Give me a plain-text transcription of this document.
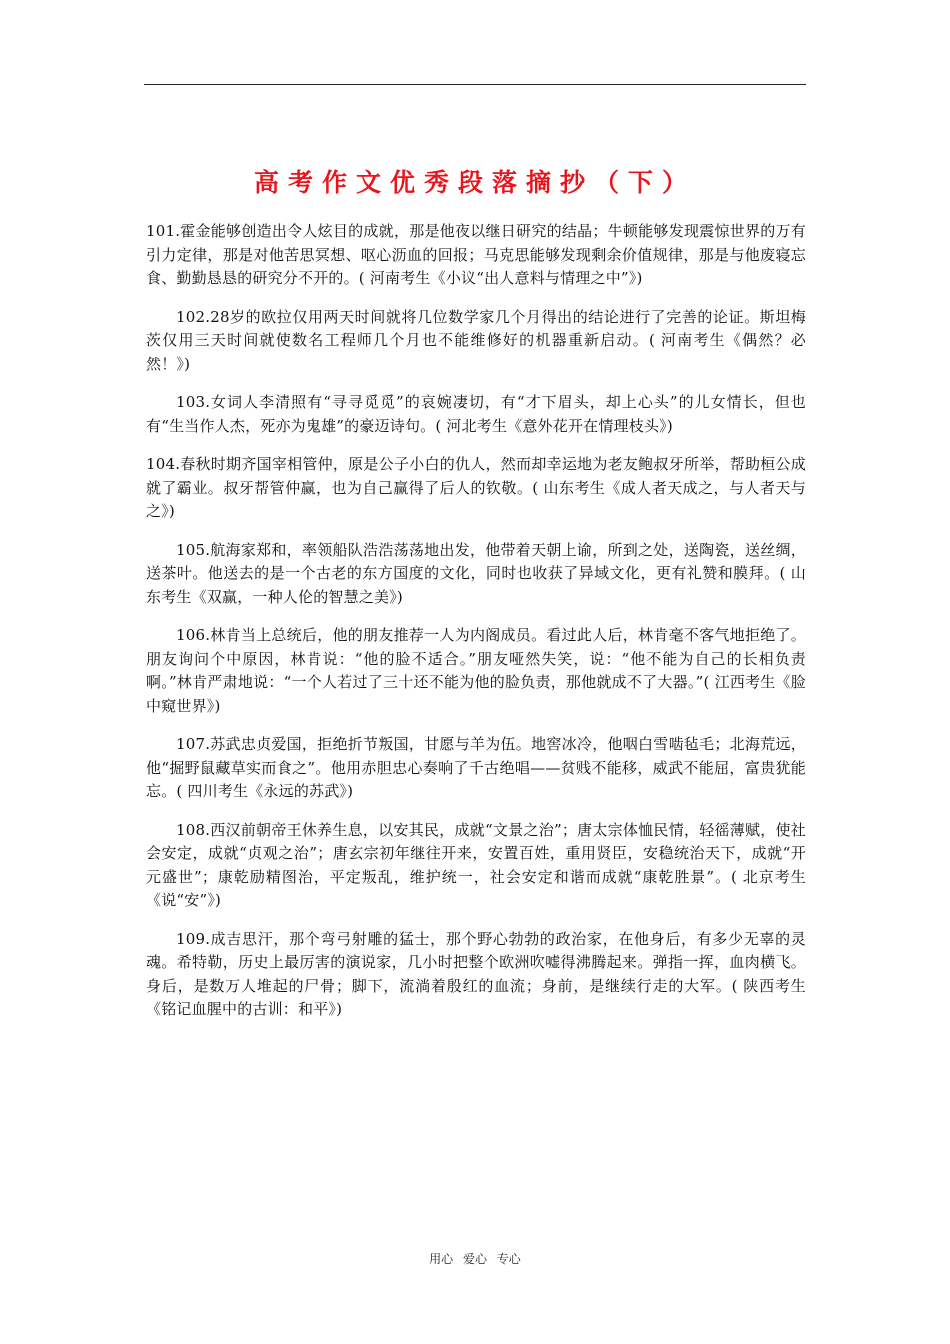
高考作文优秀段落摘抄（下）

101.霍金能够创造出令人炫目的成就，那是他夜以继日研究的结晶；牛顿能够发现震惊世界的万有引力定律，那是对他苦思冥想、呕心沥血的回报；马克思能够发现剩余价值规律，那是与他废寝忘食、勤勤恳恳的研究分不开的。( 河南考生《小议“出人意料与情理之中”》)

102.28岁的欧拉仅用两天时间就将几位数学家几个月得出的结论进行了完善的论证。斯坦梅茨仅用三天时间就使数名工程师几个月也不能维修好的机器重新启动。( 河南考生《偶然？必然！》)

103.女词人李清照有“寻寻觅觅”的哀婉凄切，有“才下眉头，却上心头”的儿女情长，但也有“生当作人杰，死亦为鬼雄”的豪迈诗句。( 河北考生《意外花开在情理枝头》)

104.春秋时期齐国宰相管仲，原是公子小白的仇人，然而却幸运地为老友鲍叔牙所举，帮助桓公成就了霸业。叔牙帮管仲赢，也为自己赢得了后人的钦敬。( 山东考生《成人者天成之，与人者天与之》)

105.航海家郑和，率领船队浩浩荡荡地出发，他带着天朝上谕，所到之处，送陶瓷，送丝绸，送茶叶。他送去的是一个古老的东方国度的文化，同时也收获了异域文化，更有礼赞和膜拜。( 山东考生《双赢，一种人伦的智慧之美》)

106.林肯当上总统后，他的朋友推荐一人为内阁成员。看过此人后，林肯毫不客气地拒绝了。朋友询问个中原因，林肯说：“他的脸不适合。”朋友哑然失笑，说：“他不能为自己的长相负责啊。”林肯严肃地说：“一个人若过了三十还不能为他的脸负责，那他就成不了大器。”( 江西考生《脸中窥世界》)

107.苏武忠贞爱国，拒绝折节叛国，甘愿与羊为伍。地窖冰冷，他咽白雪啮毡毛；北海荒远，他“掘野鼠藏草实而食之”。他用赤胆忠心奏响了千古绝唱——贫贱不能移，威武不能屈，富贵犹能忘。( 四川考生《永远的苏武》)

108.西汉前朝帝王休养生息，以安其民，成就“文景之治”；唐太宗体恤民情，轻徭薄赋，使社会安定，成就“贞观之治”；唐玄宗初年继往开来，安置百姓，重用贤臣，安稳统治天下，成就“开元盛世”；康乾励精图治，平定叛乱，维护统一，社会安定和谐而成就“康乾胜景”。( 北京考生《说“安”》)

109.成吉思汗，那个弯弓射雕的猛士，那个野心勃勃的政治家，在他身后，有多少无辜的灵魂。希特勒，历史上最厉害的演说家，几小时把整个欧洲吹嘘得沸腾起来。弹指一挥，血肉横飞。身后，是数万人堆起的尸骨；脚下，流淌着殷红的血流；身前，是继续行走的大军。( 陕西考生《铭记血腥中的古训：和平》)

用心 爱心 专心
